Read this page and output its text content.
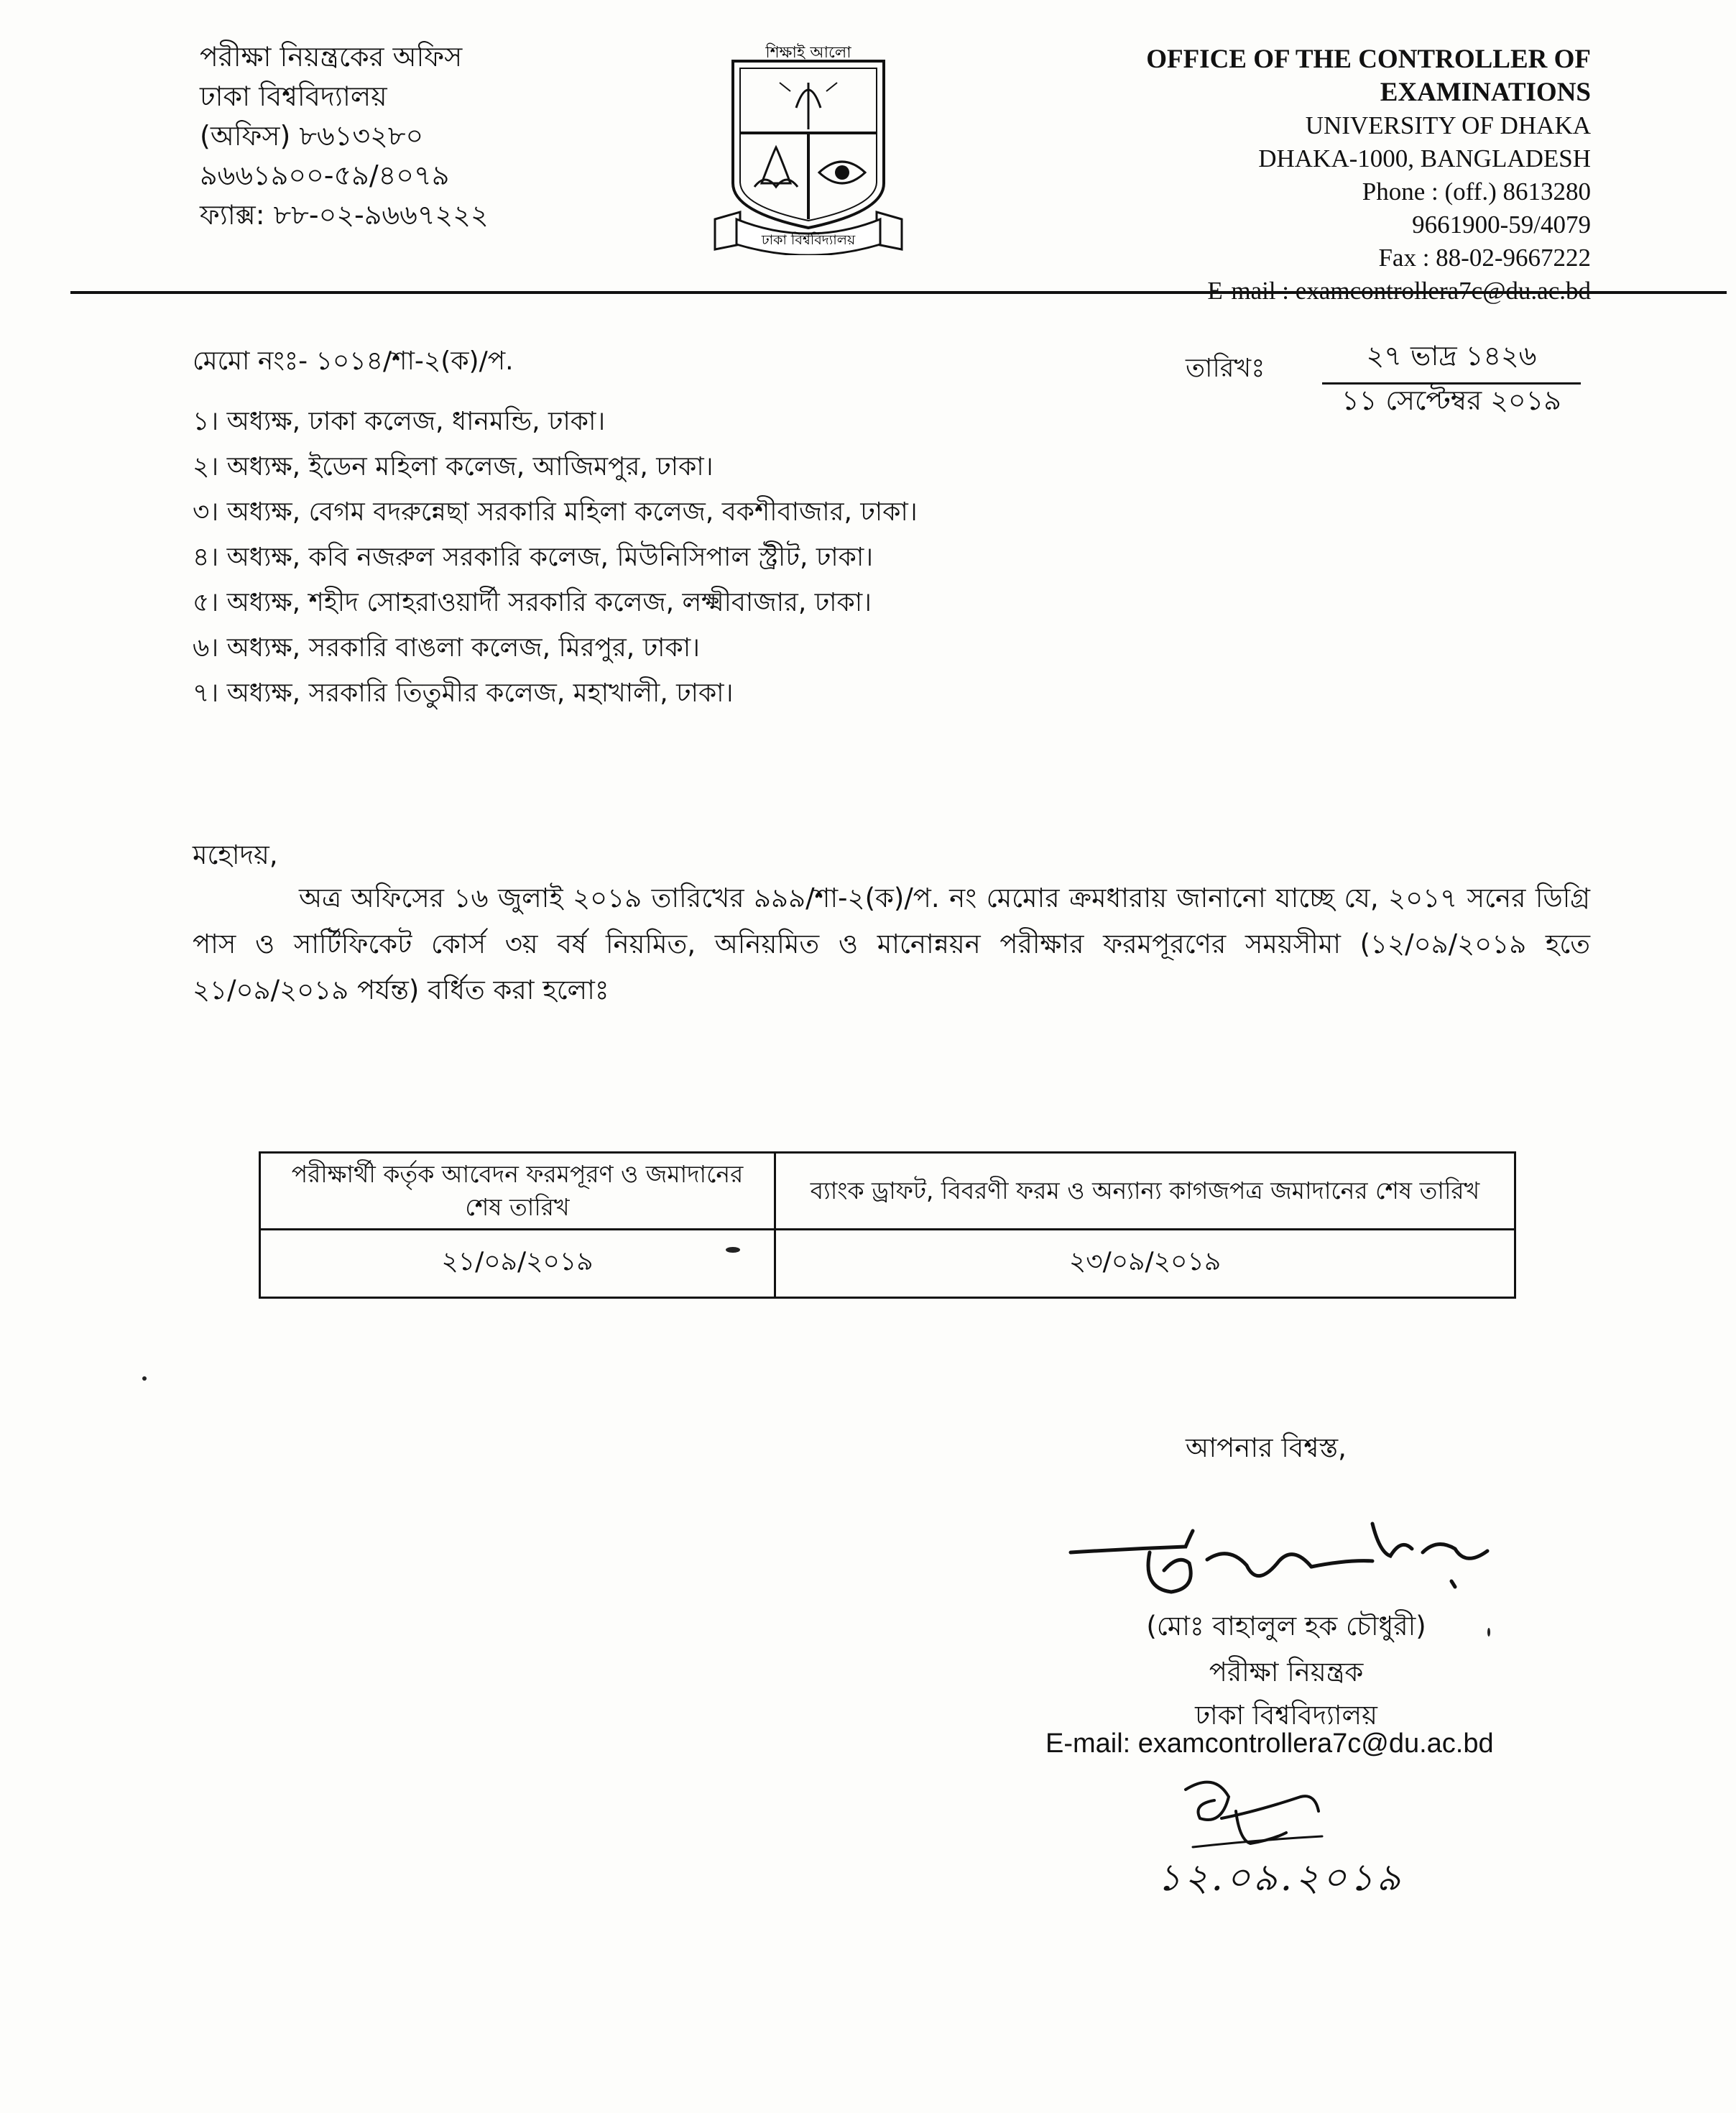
পরীক্ষা নিয়ন্ত্রকের অফিস
ঢাকা বিশ্ববিদ্যালয়
(অফিস) ৮৬১৩২৮০
৯৬৬১৯০০-৫৯/৪০৭৯
ফ্যাক্স: ৮৮-০২-৯৬৬৭২২২
শিক্ষাই আলো
ঢাকা বিশ্ববিদ্যালয়
OFFICE OF THE CONTROLLER OF
EXAMINATIONS
UNIVERSITY OF DHAKA
DHAKA-1000, BANGLADESH
Phone : (off.) 8613280
9661900-59/4079
Fax : 88-02-9667222
E-mail : examcontrollera7c@du.ac.bd
মেমো নংঃ- ১০১৪/শা-২(ক)/প.	তারিখঃ	২৭ ভাদ্র ১৪২৬
১১ সেপ্টেম্বর ২০১৯
১। অধ্যক্ষ, ঢাকা কলেজ, ধানমন্ডি, ঢাকা।
২। অধ্যক্ষ, ইডেন মহিলা কলেজ, আজিমপুর, ঢাকা।
৩। অধ্যক্ষ, বেগম বদরুন্নেছা সরকারি মহিলা কলেজ, বকশীবাজার, ঢাকা।
৪। অধ্যক্ষ, কবি নজরুল সরকারি কলেজ, মিউনিসিপাল স্ট্রীট, ঢাকা।
৫। অধ্যক্ষ, শহীদ সোহরাওয়ার্দী সরকারি কলেজ, লক্ষ্মীবাজার, ঢাকা।
৬। অধ্যক্ষ, সরকারি বাঙলা কলেজ, মিরপুর, ঢাকা।
৭। অধ্যক্ষ, সরকারি তিতুমীর কলেজ, মহাখালী, ঢাকা।
মহোদয়,
অত্র অফিসের ১৬ জুলাই ২০১৯ তারিখের ৯৯৯/শা-২(ক)/প. নং মেমোর ক্রমধারায় জানানো যাচ্ছে যে, ২০১৭ সনের ডিগ্রি পাস ও সার্টিফিকেট কোর্স ৩য় বর্ষ নিয়মিত, অনিয়মিত ও মানোন্নয়ন পরীক্ষার ফরমপূরণের সময়সীমা (১২/০৯/২০১৯ হতে ২১/০৯/২০১৯ পর্যন্ত) বর্ধিত করা হলোঃ
পরীক্ষার্থী কর্তৃক আবেদন ফরমপূরণ ও জমাদানের শেষ তারিখ	ব্যাংক ড্রাফট, বিবরণী ফরম ও অন্যান্য কাগজপত্র জমাদানের শেষ তারিখ
২১/০৯/২০১৯	২৩/০৯/২০১৯
আপনার বিশ্বস্ত,
(মোঃ বাহালুল হক চৌধুরী)
পরীক্ষা নিয়ন্ত্রক
ঢাকা বিশ্ববিদ্যালয়
E-mail: examcontrollera7c@du.ac.bd
১২.০৯.২০১৯
